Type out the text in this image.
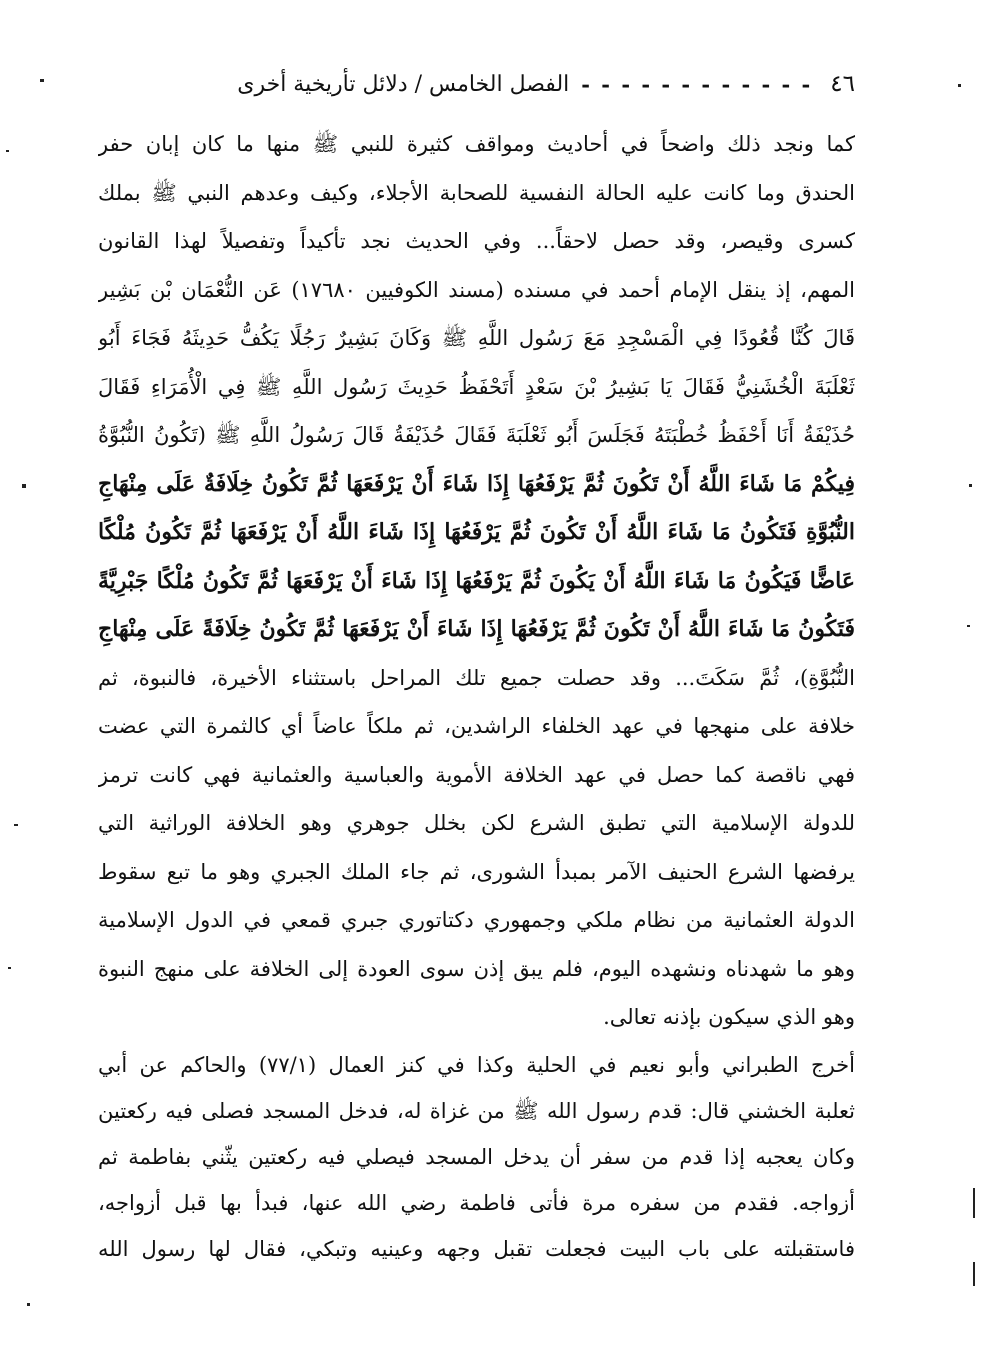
٤٦
- - - - - - - - - - - -
الفصل الخامس / دلائل تأريخية أخرى
كما ونجد ذلك واضحاً في أحاديث ومواقف كثيرة للنبي ﷺ منها ما كان إبان حفر
الحندق وما كانت عليه الحالة النفسية للصحابة الأجلاء، وكيف وعدهم النبي ﷺ بملك
كسرى وقيصر، وقد حصل لاحقاً... وفي الحديث نجد تأكيداً وتفصيلاً لهذا القانون
المهم، إذ ينقل الإمام أحمد في مسنده (مسند الكوفيين ١٧٦٨٠) عَن النُّعْمَان بْن بَشِير
قَالَ كُنَّا قُعُودًا فِي الْمَسْجِدِ مَعَ رَسُول اللَّهِ ﷺ وَكَانَ بَشِيرٌ رَجُلًا يَكُفُّ حَدِيثَهُ فَجَاءَ أَبُو
ثَعْلَبَةَ الْخُشَنِيُّ فَقَالَ يَا بَشِيرُ بْنَ سَعْدٍ أَتَحْفَظُ حَدِيثَ رَسُول اللَّهِ ﷺ فِي الْأُمَرَاءِ فَقَالَ
حُذَيْفَةُ أَنَا أَحْفَظُ خُطْبَتَهُ فَجَلَسَ أَبُو ثَعْلَبَةَ فَقَالَ حُذَيْفَةُ قَالَ رَسُولُ اللَّهِ ﷺ (تَكُونُ النُّبُوَّةُ
فِيكُمْ مَا شَاءَ اللَّهُ أَنْ تَكُونَ ثُمَّ يَرْفَعُهَا إِذَا شَاءَ أَنْ يَرْفَعَهَا ثُمَّ تَكُونُ خِلَافَةٌ عَلَى مِنْهَاجِ
النُّبُوَّةِ فَتَكُونُ مَا شَاءَ اللَّهُ أَنْ تَكُونَ ثُمَّ يَرْفَعُهَا إِذَا شَاءَ اللَّهُ أَنْ يَرْفَعَهَا ثُمَّ تَكُونُ مُلْكًا
عَاضًّا فَيَكُونُ مَا شَاءَ اللَّهُ أَنْ يَكُونَ ثُمَّ يَرْفَعُهَا إِذَا شَاءَ أَنْ يَرْفَعَهَا ثُمَّ تَكُونُ مُلْكًا جَبْرِيَّةً
فَتَكُونُ مَا شَاءَ اللَّهُ أَنْ تَكُونَ ثُمَّ يَرْفَعُهَا إِذَا شَاءَ أَنْ يَرْفَعَهَا ثُمَّ تَكُونُ خِلَافَةً عَلَى مِنْهَاجِ
النُّبُوَّةِ)، ثُمَّ سَكَتَ... وقد حصلت جميع تلك المراحل باستثناء الأخيرة، فالنبوة، ثم
خلافة على منهجها في عهد الخلفاء الراشدين، ثم ملكاً عاضاً أي كالثمرة التي عضت
فهي ناقصة كما حصل في عهد الخلافة الأموية والعباسية والعثمانية فهي كانت ترمز
للدولة الإسلامية التي تطبق الشرع لكن بخلل جوهري وهو الخلافة الوراثية التي
يرفضها الشرع الحنيف الآمر بمبدأ الشورى، ثم جاء الملك الجبري وهو ما تبع سقوط
الدولة العثمانية من نظام ملكي وجمهوري دكتاتوري جبري قمعي في الدول الإسلامية
وهو ما شهدناه ونشهده اليوم، فلم يبق إذن سوى العودة إلى الخلافة على منهج النبوة
وهو الذي سيكون بإذنه تعالى.
أخرج الطبراني وأبو نعيم في الحلية وكذا في كنز العمال (٧٧/١) والحاكم عن أبي
ثعلبة الخشني قال: قدم رسول الله ﷺ من غزاة له، فدخل المسجد فصلى فيه ركعتين
وكان يعجبه إذا قدم من سفر أن يدخل المسجد فيصلي فيه ركعتين يثّني بفاطمة ثم
أزواجه. فقدم من سفره مرة فأتى فاطمة رضي الله عنها، فبدأ بها قبل أزواجه،
فاستقبلته على باب البيت فجعلت تقبل وجهه وعينيه وتبكي، فقال لها رسول الله
